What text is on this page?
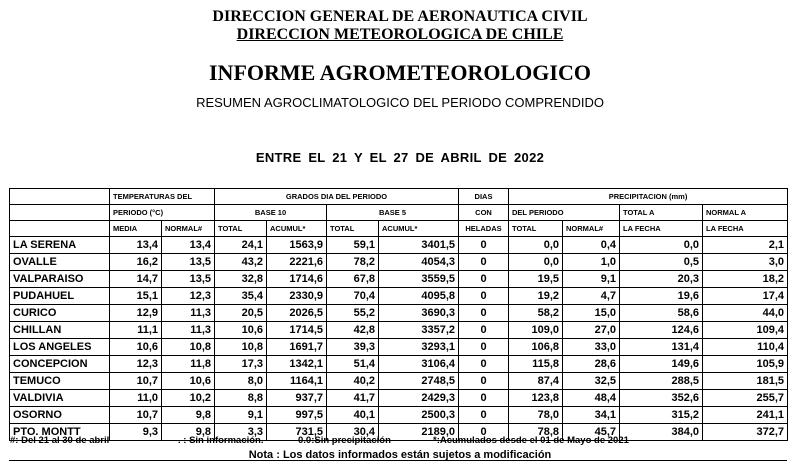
DIRECCION GENERAL DE AERONAUTICA CIVIL
DIRECCION METEOROLOGICA DE CHILE
INFORME AGROMETEOROLOGICO
RESUMEN AGROCLIMATOLOGICO DEL PERIODO COMPRENDIDO
ENTRE EL 21 Y EL 27 DE ABRIL DE 2022
	TEMPERATURAS DEL		GRADOS DIA DEL PERIODO				DIAS	PRECIPITACION (mm)			
	PERIODO (°C)		BASE 10		BASE 5		CON	DEL PERIODO		TOTAL A	NORMAL A
	MEDIA	NORMAL#	TOTAL	ACUMUL*	TOTAL	ACUMUL*	HELADAS	TOTAL	NORMAL#	LA FECHA	LA FECHA
LA SERENA	13,4	13,4	24,1	1563,9	59,1	3401,5	0	0,0	0,4	0,0	2,1
OVALLE	16,2	13,5	43,2	2221,6	78,2	4054,3	0	0,0	1,0	0,5	3,0
VALPARAISO	14,7	13,5	32,8	1714,6	67,8	3559,5	0	19,5	9,1	20,3	18,2
PUDAHUEL	15,1	12,3	35,4	2330,9	70,4	4095,8	0	19,2	4,7	19,6	17,4
CURICO	12,9	11,3	20,5	2026,5	55,2	3690,3	0	58,2	15,0	58,6	44,0
CHILLAN	11,1	11,3	10,6	1714,5	42,8	3357,2	0	109,0	27,0	124,6	109,4
LOS ANGELES	10,6	10,8	10,8	1691,7	39,3	3293,1	0	106,8	33,0	131,4	110,4
CONCEPCION	12,3	11,8	17,3	1342,1	51,4	3106,4	0	115,8	28,6	149,6	105,9
TEMUCO	10,7	10,6	8,0	1164,1	40,2	2748,5	0	87,4	32,5	288,5	181,5
VALDIVIA	11,0	10,2	8,8	937,7	41,7	2429,3	0	123,8	48,4	352,6	255,7
OSORNO	10,7	9,8	9,1	997,5	40,1	2500,3	0	78,0	34,1	315,2	241,1
PTO. MONTT	9,3	9,8	3,3	731,5	30,4	2189,0	0	78,8	45,7	384,0	372,7
#: Del 21 al 30 de abril	. : Sin información.	0.0:Sin precipitación	*:Acumulados desde el 01 de Mayo de 2021
Nota : Los datos informados están sujetos a modificación
